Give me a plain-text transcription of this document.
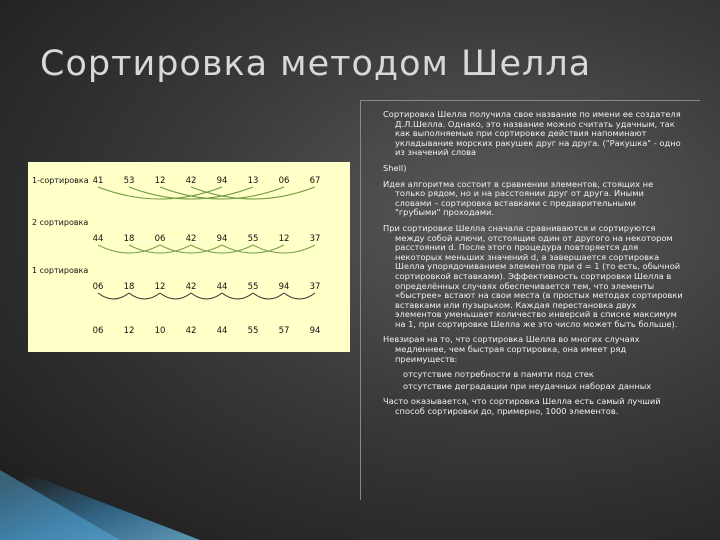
Сортировка методом Шелла
1-сортировка 41	53	12	42	94	13	06	67
2 сортировка
44	18	06	42	94	55	12	37
1 сортировка
06	18	12	42	44	55	94	37
06	12	10	42	44	55	57	94

Сортировка Шелла получила свое название по имени ее создателя Д.Л.Шелла. Однако, это название можно считать удачным, так как выполняемые при сортировке действия напоминают укладывание морских ракушек друг на друга. ("Ракушка" - одно из значений слова

Shell)

Идея алгоритма состоит в сравнении элементов, стоящих не только рядом, но и на расстоянии друг от друга. Иными словами – сортировка вставками с предварительными "грубыми" проходами.

При сортировке Шелла сначала сравниваются и сортируются между собой ключи, отстоящие один от другого на некотором расстоянии d. После этого процедура повторяется для некоторых меньших значений d, а завершается сортировка Шелла упорядочиванием элементов при d = 1 (то есть, обычной сортировкой вставками). Эффективность сортировки Шелла в определённых случаях обеспечивается тем, что элементы «быстрее» встают на свои места (в простых методах сортировки вставками или пузырьком. Каждая перестановка двух элементов уменьшает количество инверсий в списке максимум на 1, при сортировке Шелла же это число может быть больше).

Невзирая на то, что сортировка Шелла во многих случаях медленнее, чем быстрая сортировка, она имеет ряд преимуществ:

отсутствие потребности в памяти под стек
отсутствие деградации при неудачных наборах данных

Часто оказывается, что сортировка Шелла есть самый лучший способ сортировки до, примерно, 1000 элементов.
